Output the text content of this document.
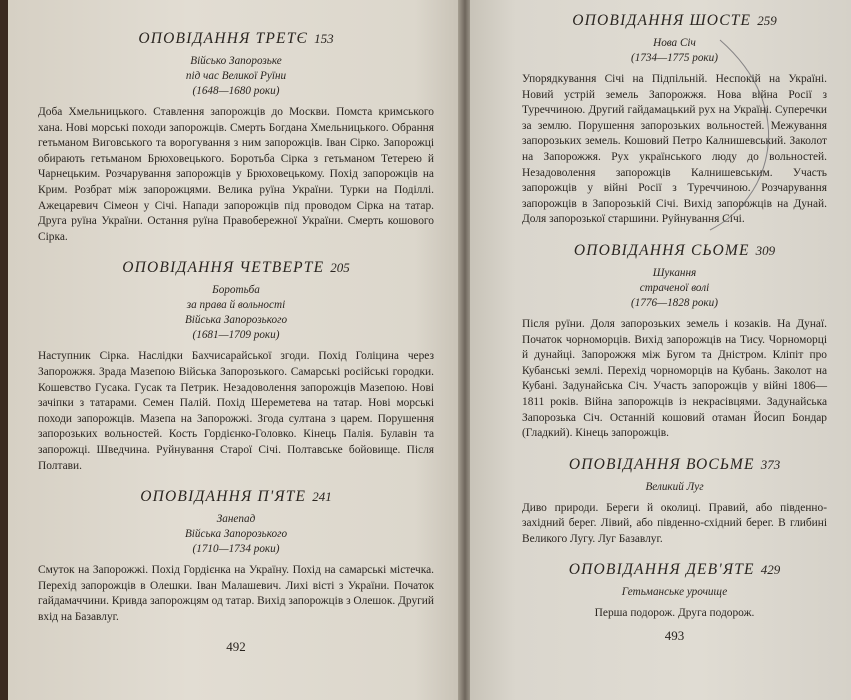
ОПОВІДАННЯ ТРЕТЄ 153
Військо Запорозьке
під час Великої Руїни
(1648—1680 роки)

Доба Хмельницького. Ставлення запорожців до Москви. Помста кримського хана. Нові морські походи запорожців. Смерть Богдана Хмельницького. Обрання гетьманом Виговського та ворогування з ним запорожців. Іван Сірко. Запорожці обирають гетьманом Брюховецького. Боротьба Сірка з гетьманом Тетерею й Чарнецьким. Розчарування запорожців у Брюховецькому. Похід запорожців на Крим. Розбрат між запорожцями. Велика руїна України. Турки на Поділлі. Ажецаревич Сімеон у Січі. Напади запорожців під проводом Сірка на татар. Друга руїна України. Остання руїна Правобережної України. Смерть кошового Сірка.

ОПОВІДАННЯ ЧЕТВЕРТЕ 205
Боротьба
за права й вольності
Війська Запорозького
(1681—1709 роки)

Наступник Сірка. Наслідки Бахчисарайської згоди. Похід Голіцина через Запорожжя. Зрада Мазепою Війська Запорозького. Самарські російські городки. Кошевство Гусака. Гусак та Петрик. Незадоволення запорожців Мазепою. Нові зачіпки з татарами. Семен Палій. Похід Шереметева на татар. Нові морські походи запорожців. Мазепа на Запорожжі. Згода султана з царем. Порушення запорозьких вольностей. Кость Гордієнко-Головко. Кінець Палія. Булавін та запорожці. Шведчина. Руйнування Старої Січі. Полтавське бойовище. Після Полтави.

ОПОВІДАННЯ П'ЯТЕ 241
Занепад
Війська Запорозького
(1710—1734 роки)

Смуток на Запорожжі. Похід Гордієнка на Україну. Похід на самарські містечка. Перехід запорожців в Олешки. Іван Малашевич. Лихі вісті з України. Початок гайдамаччини. Кривда запорожцям од татар. Вихід запорожців з Олешок. Другий вхід на Базавлуг.

492
ОПОВІДАННЯ ШОСТЕ 259
Нова Січ
(1734—1775 роки)

Упорядкування Січі на Підпільній. Неспокій на Україні. Новий устрій земель Запорожжя. Нова війна Росії з Туреччиною. Другий гайдамацький рух на Україні. Суперечки за землю. Порушення запорозьких вольностей. Межування запорозьких земель. Кошовий Петро Калнишевський. Заколот на Запорожжя. Рух українського люду до вольностей. Незадоволення запорожців Калнишевським. Участь запорожців у війні Росії з Туреччиною. Розчарування запорожців в Запорозькій Січі. Вихід запорожців на Дунай. Доля запорозької старшини. Руйнування Січі.

ОПОВІДАННЯ СЬОМЕ 309
Шукання
страченої волі
(1776—1828 роки)

Після руїни. Доля запорозьких земель і козаків. На Дунаї. Початок чорноморців. Вихід запорожців на Тису. Чорноморці й дунайці. Запорожжя між Бугом та Дністром. Кліпіт про Кубанські землі. Перехід чорноморців на Кубань. Заколот на Кубані. Задунайська Січ. Участь запорожців у війні 1806—1811 років. Війна запорожців із некрасівцями. Задунайська Запорозька Січ. Останній кошовий отаман Йосип Бондар (Гладкий). Кінець запорожців.

ОПОВІДАННЯ ВОСЬМЕ 373
Великий Луг

Диво природи. Береги й околиці. Правий, або південно-західний берег. Лівий, або південно-східний берег. В глибині Великого Лугу. Луг Базавлуг.

ОПОВІДАННЯ ДЕВ'ЯТЕ 429
Гетьманське урочище

Перша подорож. Друга подорож.

493
